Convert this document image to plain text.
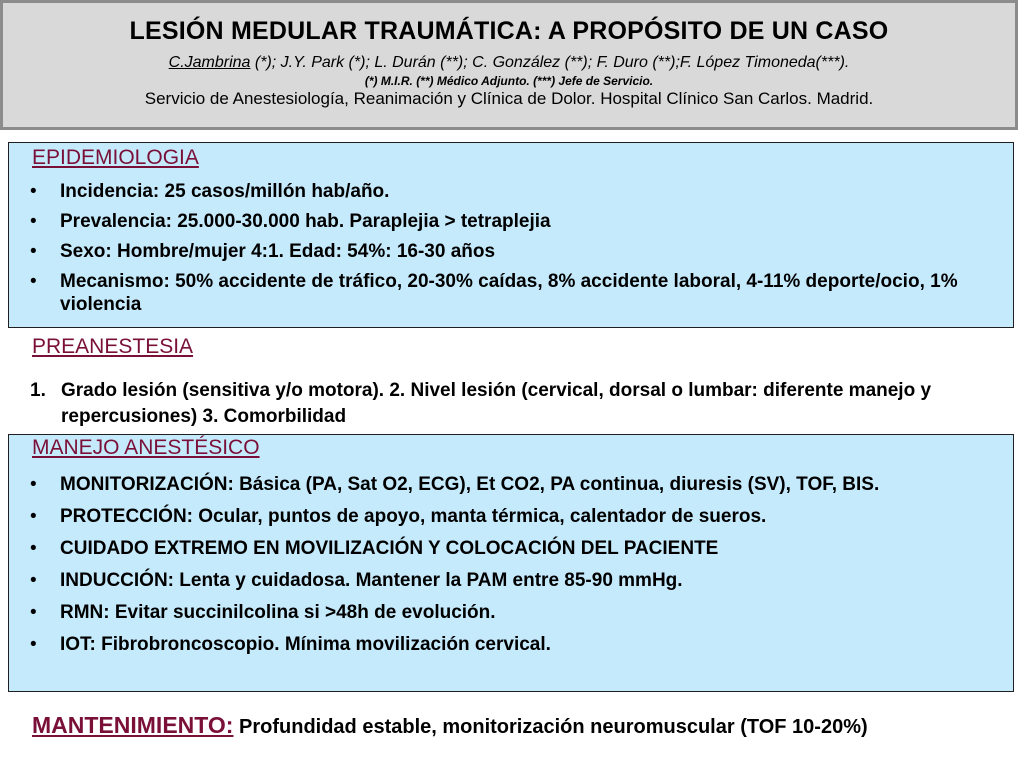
LESIÓN MEDULAR TRAUMÁTICA: A PROPÓSITO DE UN CASO
C.Jambrina (*); J.Y. Park (*); L. Durán (**); C. González (**); F. Duro (**);F. López Timoneda(***).
(*) M.I.R. (**) Médico Adjunto. (***) Jefe de Servicio.
Servicio de Anestesiología, Reanimación y Clínica de Dolor. Hospital Clínico San Carlos. Madrid.
EPIDEMIOLOGIA
• Incidencia: 25 casos/millón hab/año.
• Prevalencia: 25.000-30.000 hab. Paraplejia > tetraplejia
• Sexo: Hombre/mujer 4:1. Edad: 54%: 16-30 años
• Mecanismo: 50% accidente de tráfico, 20-30% caídas, 8% accidente laboral, 4-11% deporte/ocio, 1% violencia
PREANESTESIA
1. Grado lesión (sensitiva y/o motora). 2. Nivel lesión (cervical, dorsal o lumbar: diferente manejo y repercusiones) 3. Comorbilidad
MANEJO ANESTÉSICO
• MONITORIZACIÓN: Básica (PA, Sat O2, ECG), Et CO2, PA continua, diuresis (SV), TOF, BIS.
• PROTECCIÓN: Ocular, puntos de apoyo, manta térmica, calentador de sueros.
• CUIDADO EXTREMO EN MOVILIZACIÓN Y COLOCACIÓN DEL PACIENTE
• INDUCCIÓN: Lenta y cuidadosa. Mantener la PAM entre 85-90 mmHg.
• RMN: Evitar succinilcolina si >48h de evolución.
• IOT: Fibrobroncoscopio. Mínima movilización cervical.
MANTENIMIENTO: Profundidad estable, monitorización neuromuscular (TOF 10-20%)
